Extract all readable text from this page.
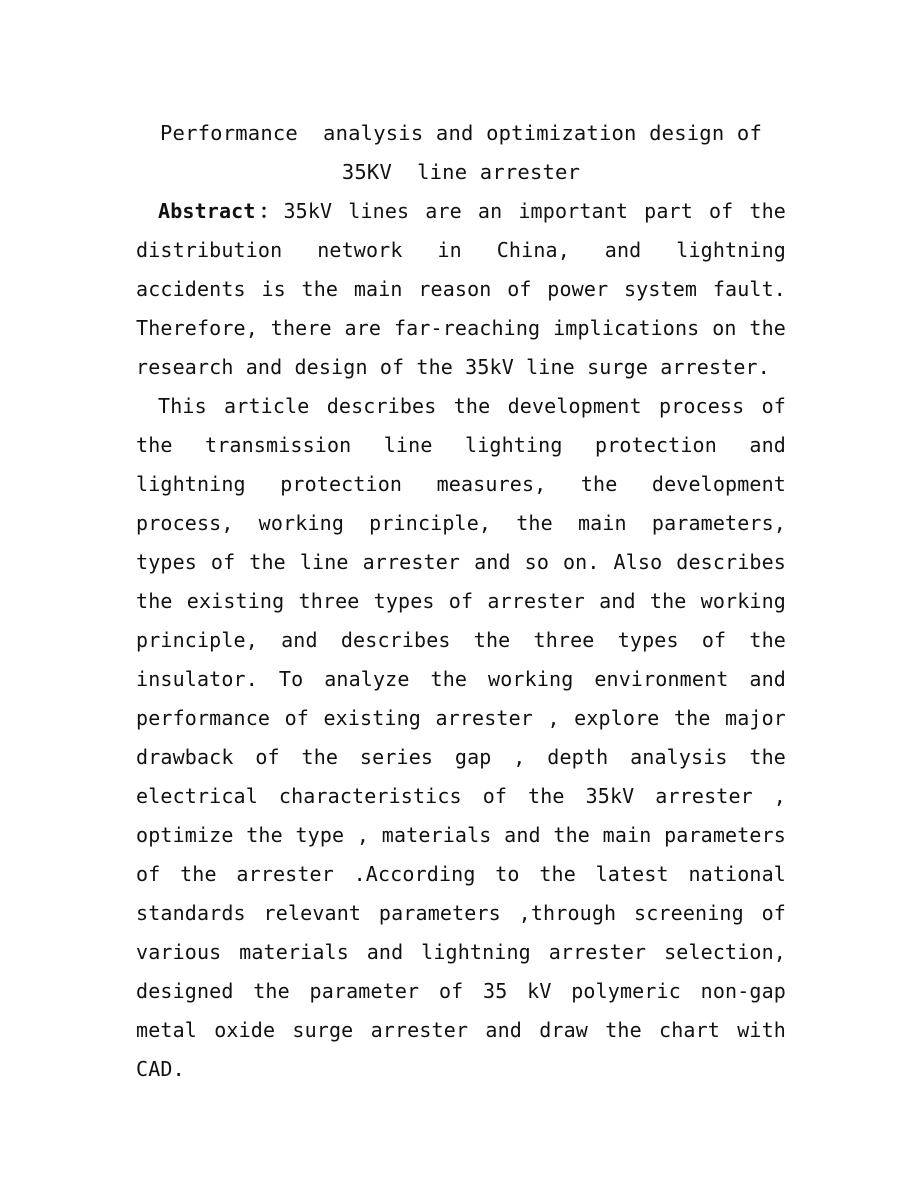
Performance  analysis and optimization design of
35KV  line arrester

Abstract：35kV lines are an important part of the distribution network in China, and lightning accidents is the main reason of power system fault. Therefore, there are far-reaching implications on the research and design of the 35kV line surge arrester.

This article describes the development process of the transmission line lighting protection and lightning protection measures, the development process, working principle, the main parameters, types of the line arrester and so on. Also describes the existing three types of arrester and the working principle, and describes the three types of the insulator. To analyze the working environment and performance of existing arrester , explore the major drawback of the series gap , depth analysis the electrical characteristics of the 35kV arrester , optimize the type , materials and the main parameters of the arrester .According to the latest national standards relevant parameters ,through screening of various materials and lightning arrester selection, designed the parameter of 35 kV polymeric non-gap metal oxide surge arrester and draw the chart with CAD.
